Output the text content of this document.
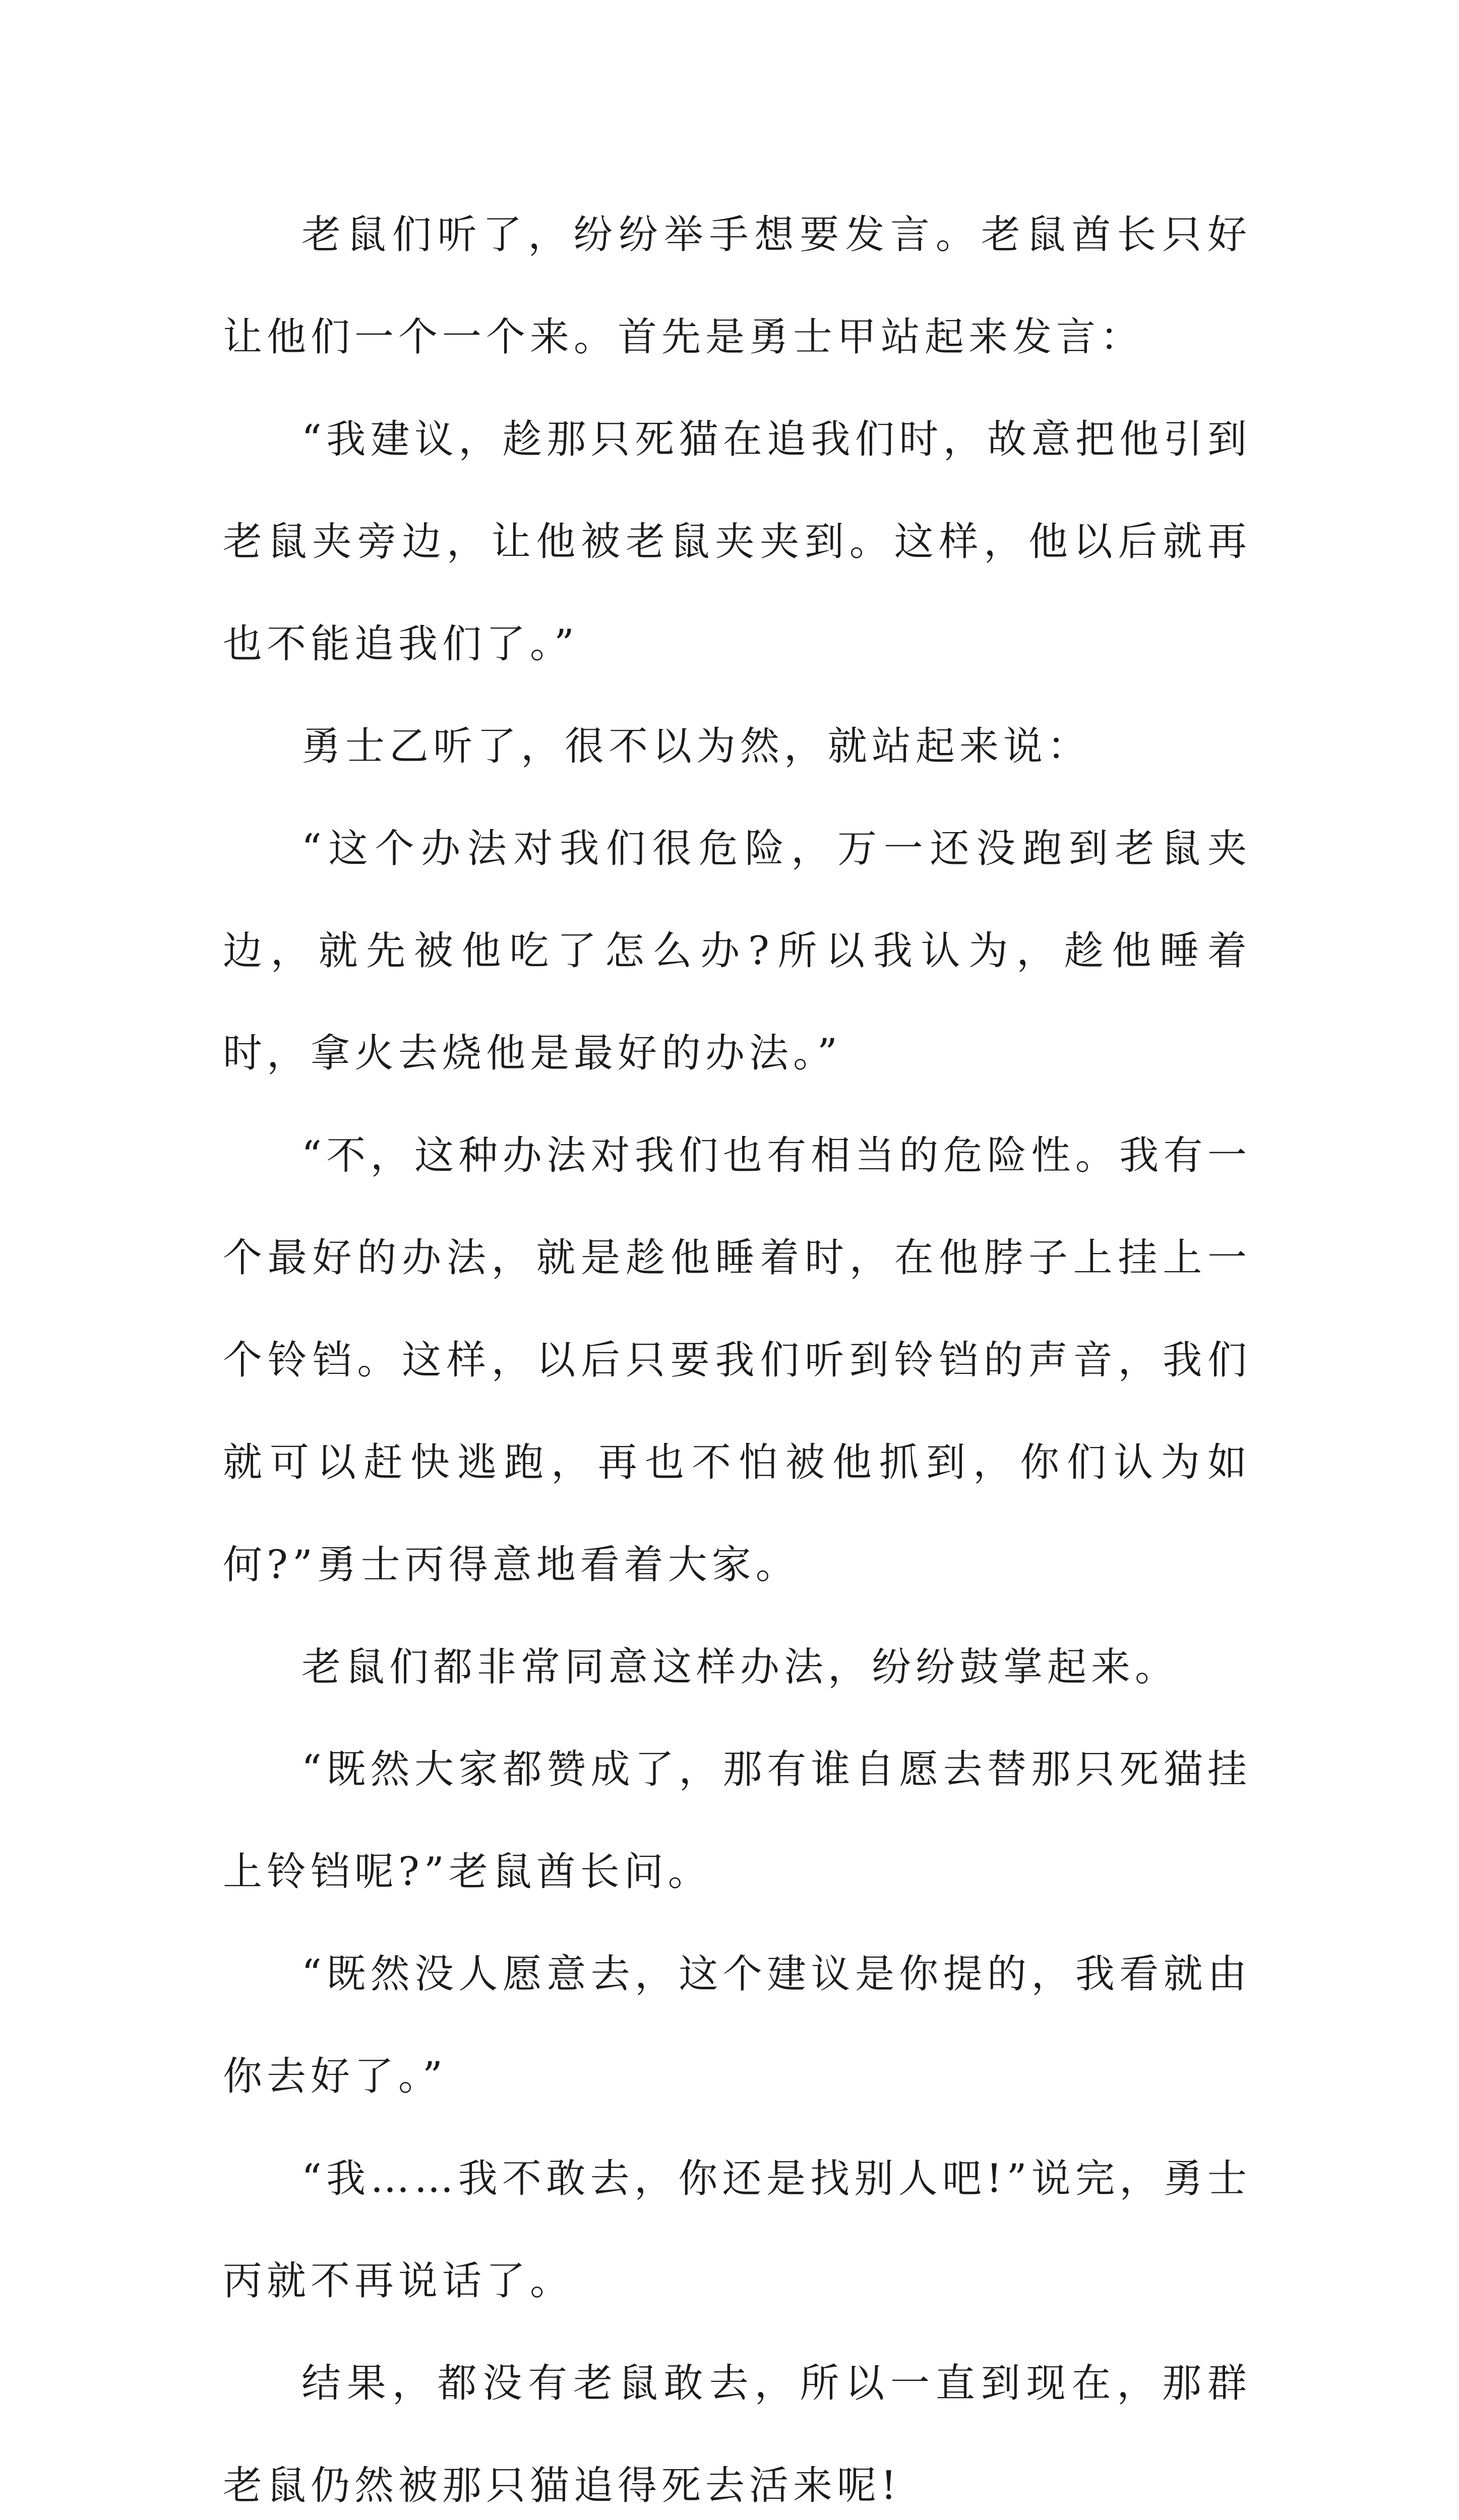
老鼠们听了，纷纷举手想要发言。老鼠酋长只好让他们一个一个来。首先是勇士甲站起来发言：

“我建议，趁那只死猫在追我们时，故意把他引到老鼠夹旁边，让他被老鼠夹夹到。这样，他以后就再也不能追我们了。”

勇士乙听了，很不以为然，就站起来说：

“这个办法对我们很危险，万一还没跑到老鼠夹边，就先被他吃了怎么办?所以我认为，趁他睡着时，拿火去烧他是最好的办法。”

“不，这种办法对我们也有相当的危险性。我有一个最好的办法，就是趁他睡着时，在他脖子上挂上一个铃铛。这样，以后只要我们听到铃铛的声音，我们就可以赶快逃跑，再也不怕被他抓到，你们认为如何?”勇士丙得意地看着大家。

老鼠们都非常同意这样办法，纷纷鼓掌起来。

“既然大家都赞成了，那有谁自愿去替那只死猫挂上铃铛呢?”老鼠酋长问。

“既然没人愿意去，这个建议是你提的，我看就由你去好了。”

“我……我不敢去，你还是找别人吧!”说完，勇士丙就不再说话了。

结果，都没有老鼠敢去，所以一直到现在，那群老鼠仍然被那只猫追得死去活来呢!
